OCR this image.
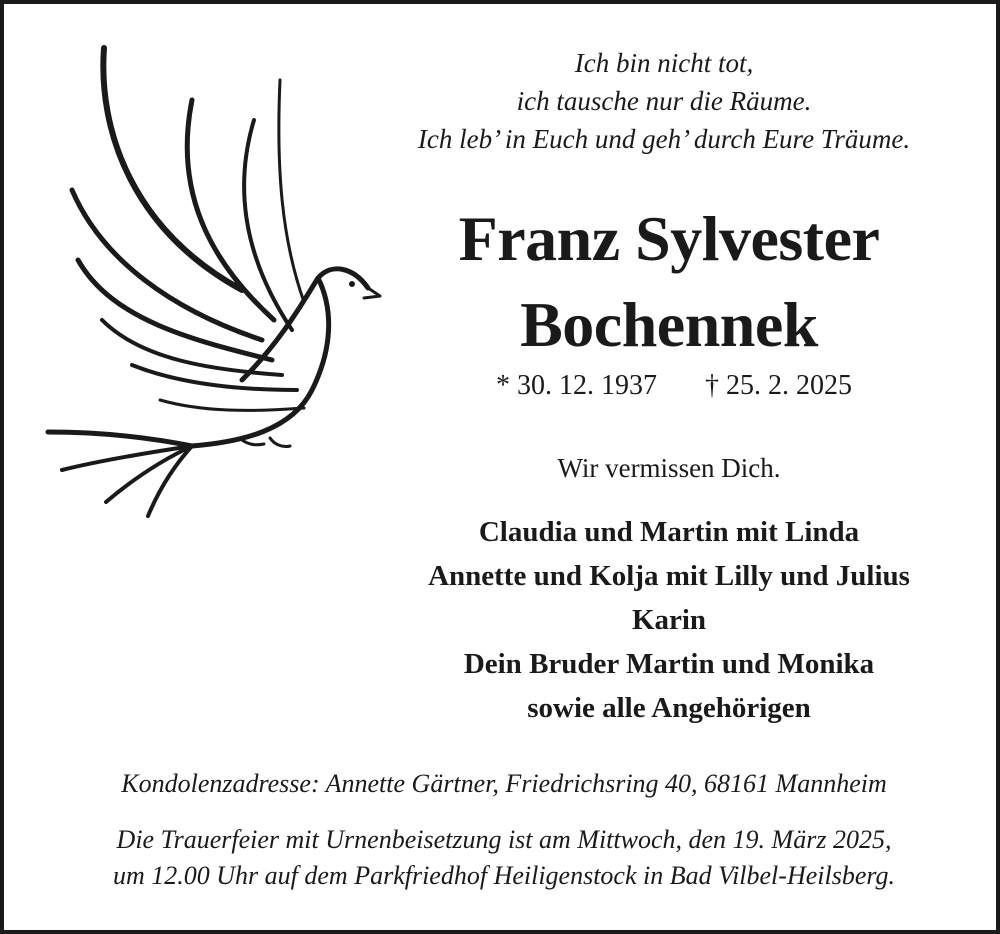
Ich bin nicht tot,
ich tausche nur die Räume.
Ich leb’ in Euch und geh’ durch Eure Träume.
Franz Sylvester
Bochennek
* 30. 12. 1937 † 25. 2. 2025
Wir vermissen Dich.
Claudia und Martin mit Linda
Annette und Kolja mit Lilly und Julius
Karin
Dein Bruder Martin und Monika
sowie alle Angehörigen
Kondolenzadresse: Annette Gärtner, Friedrichsring 40, 68161 Mannheim
Die Trauerfeier mit Urnenbeisetzung ist am Mittwoch, den 19. März 2025,
um 12.00 Uhr auf dem Parkfriedhof Heiligenstock in Bad Vilbel-Heilsberg.
